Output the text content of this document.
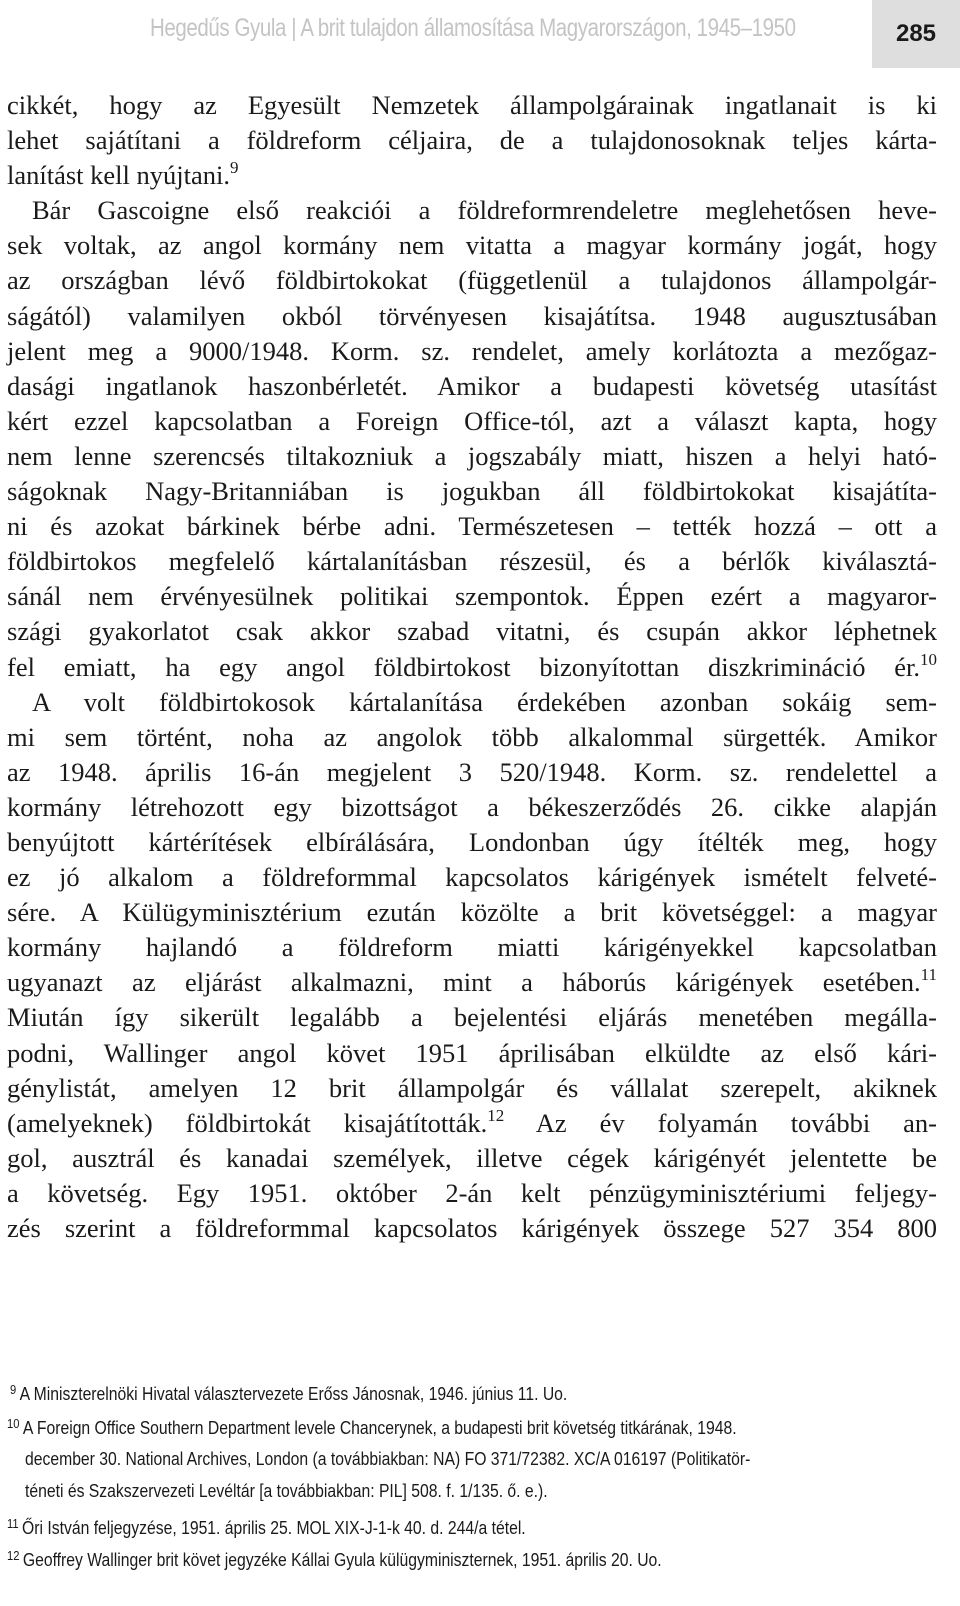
Hegedűs Gyula | A brit tulajdon államosítása Magyarországon, 1945–1950	285
cikkét, hogy az Egyesült Nemzetek állampolgárainak ingatlanait is ki
lehet sajátítani a földreform céljaira, de a tulajdonosoknak teljes kárta-
lanítást kell nyújtani.$^9$
Bár Gascoigne első reakciói a földreformrendeletre meglehetősen heve-
sek voltak, az angol kormány nem vitatta a magyar kormány jogát, hogy
az országban lévő földbirtokokat (függetlenül a tulajdonos állampolgár-
ságától) valamilyen okból törvényesen kisajátítsa. 1948 augusztusában
jelent meg a 9000/1948. Korm. sz. rendelet, amely korlátozta a mezőgaz-
dasági ingatlanok haszonbérletét. Amikor a budapesti követség utasítást
kért ezzel kapcsolatban a Foreign Office-tól, azt a választ kapta, hogy
nem lenne szerencsés tiltakozniuk a jogszabály miatt, hiszen a helyi ható-
ságoknak Nagy-Britanniában is jogukban áll földbirtokokat kisajátíta-
ni és azokat bárkinek bérbe adni. Természetesen – tették hozzá – ott a
földbirtokos megfelelő kártalanításban részesül, és a bérlők kiválasztá-
sánál nem érvényesülnek politikai szempontok. Éppen ezért a magyaror-
szági gyakorlatot csak akkor szabad vitatni, és csupán akkor léphetnek
fel emiatt, ha egy angol földbirtokost bizonyítottan diszkrimináció ér.$^{10}$
A volt földbirtokosok kártalanítása érdekében azonban sokáig sem-
mi sem történt, noha az angolok több alkalommal sürgették. Amikor
az 1948. április 16-án megjelent 3 520/1948. Korm. sz. rendelettel a
kormány létrehozott egy bizottságot a békeszerződés 26. cikke alapján
benyújtott kártérítések elbírálására, Londonban úgy ítélték meg, hogy
ez jó alkalom a földreformmal kapcsolatos kárigények ismételt felveté-
sére. A Külügyminisztérium ezután közölte a brit követséggel: a magyar
kormány hajlandó a földreform miatti kárigényekkel kapcsolatban
ugyanazt az eljárást alkalmazni, mint a háborús kárigények esetében.$^{11}$
Miután így sikerült legalább a bejelentési eljárás menetében megálla-
podni, Wallinger angol követ 1951 áprilisában elküldte az első kári-
génylistát, amelyen 12 brit állampolgár és vállalat szerepelt, akiknek
(amelyeknek) földbirtokát kisajátították.$^{12}$ Az év folyamán további an-
gol, ausztrál és kanadai személyek, illetve cégek kárigényét jelentette be
a követség. Egy 1951. október 2-án kelt pénzügyminisztériumi feljegy-
zés szerint a földreformmal kapcsolatos kárigények összege 527 354 800
$^9$ A Miniszterelnöki Hivatal választervezete Erőss Jánosnak, 1946. június 11. Uo.
$^{10}$ A Foreign Office Southern Department levele Chancerynek, a budapesti brit követség titkárának, 1948.
december 30. National Archives, London (a továbbiakban: NA) FO 371/72382. XC/A 016197 (Politikatör-
téneti és Szakszervezeti Levéltár [a továbbiakban: PIL] 508. f. 1/135. ő. e.).
$^{11}$ Őri István feljegyzése, 1951. április 25. MOL XIX-J-1-k 40. d. 244/a tétel.
$^{12}$ Geoffrey Wallinger brit követ jegyzéke Kállai Gyula külügyminiszternek, 1951. április 20. Uo.
